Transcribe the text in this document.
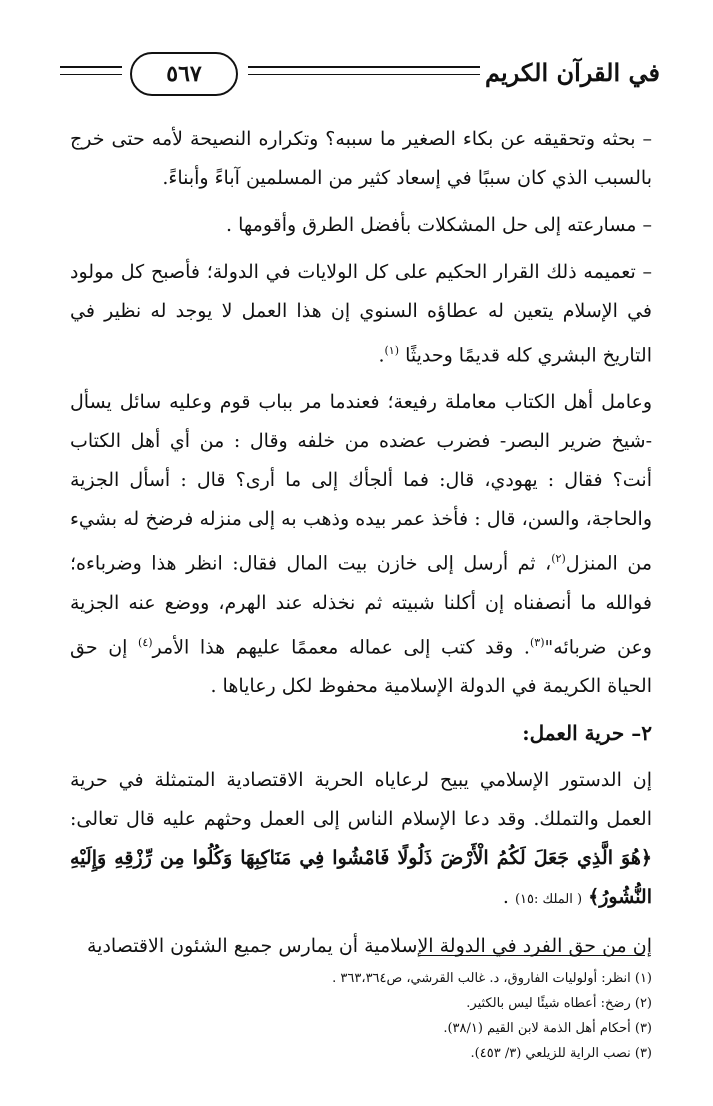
٥٦٧	في القرآن الكريم

– بحثه وتحقيقه عن بكاء الصغير ما سببه؟ وتكراره النصيحة لأمه حتى خرج بالسبب الذي كان سببًا في إسعاد كثير من المسلمين آباءً وأبناءً.

– مسارعته إلى حل المشكلات بأفضل الطرق وأقومها .

– تعميمه ذلك القرار الحكيم على كل الولايات في الدولة؛ فأصبح كل مولود في الإسلام يتعين له عطاؤه السنوي إن هذا العمل لا يوجد له نظير في التاريخ البشري كله قديمًا وحديثًا $^{(١)}$.

وعامل أهل الكتاب معاملة رفيعة؛ فعندما مر بباب قوم وعليه سائل يسأل -شيخ ضرير البصر- فضرب عضده من خلفه وقال : من أي أهل الكتاب أنت؟ فقال : يهودي، قال: فما ألجأك إلى ما أرى؟ قال : أسأل الجزية والحاجة، والسن، قال : فأخذ عمر بيده وذهب به إلى منزله فرضخ له بشيء من المنزل$^{(٢)}$، ثم أرسل إلى خازن بيت المال فقال: انظر هذا وضرباءه؛ فوالله ما أنصفناه إن أكلنا شبيته ثم نخذله عند الهرم، ووضع عنه الجزية وعن ضربائه"$^{(٣)}$. وقد كتب إلى عماله معممًا عليهم هذا الأمر$^{(٤)}$ إن حق الحياة الكريمة في الدولة الإسلامية محفوظ لكل رعاياها .

٢– حرية العمل:

إن الدستور الإسلامي يبيح لرعاياه الحرية الاقتصادية المتمثلة في حرية العمل والتملك. وقد دعا الإسلام الناس إلى العمل وحثهم عليه قال تعالى: ﴿هُوَ الَّذِي جَعَلَ لَكُمُ الْأَرْضَ ذَلُولًا فَامْشُوا فِي مَنَاكِبِهَا وَكُلُوا مِن رِّزْقِهِ وَإِلَيْهِ النُّشُورُ﴾ ( الملك :١٥) .

إن من حق الفرد في الدولة الإسلامية أن يمارس جميع الشئون الاقتصادية

(١) انظر: أولوليات الفاروق، د. غالب القرشي، ص٣٦٣،٣٦٤ .
(٢) رضخ: أعطاه شيئًا ليس بالكثير.
(٣) أحكام أهل الذمة لابن القيم (٣٨/١).
(٣) نصب الراية للزيلعي (٣/ ٤٥٣).
